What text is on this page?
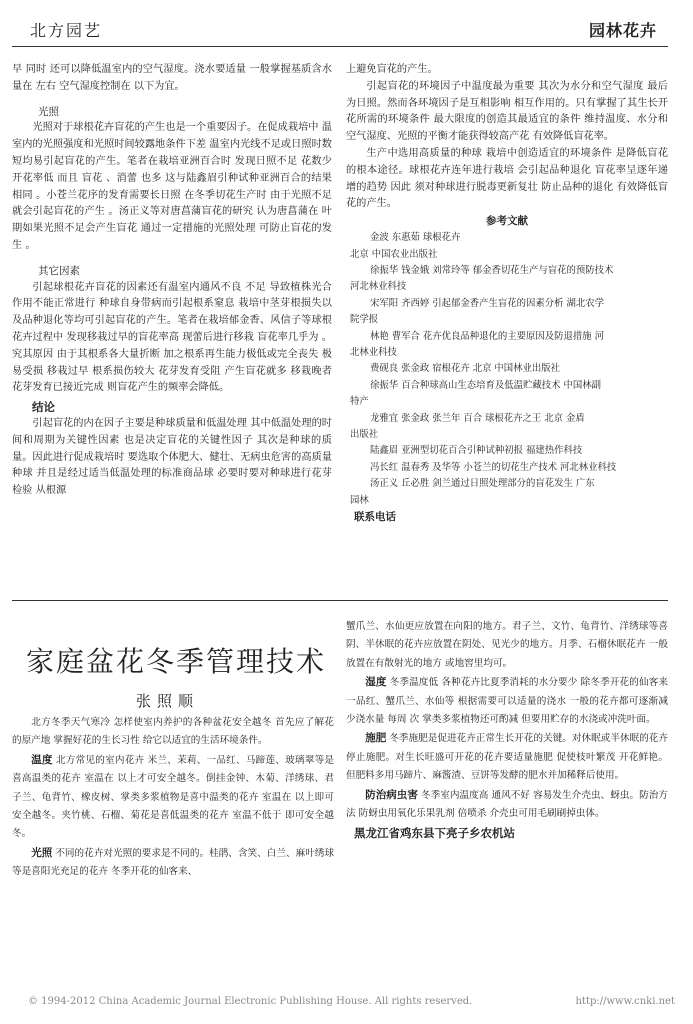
北方园艺	园林花卉

早 同时 还可以降低温室内的空气湿度。浇水要适量 一般掌握基质含水量在 左右 空气湿度控制在 以下为宜。

光照

光照对于球根花卉盲花的产生也是一个重要因子。在促成栽培中 温室内的光照强度和光照时间较露地条件下差 温室内光线不足或日照时数短均易引起盲花的产生。笔者在栽培亚洲百合时 发现日照不足 花数少 开花率低 而且 盲花 、消蕾 也多 这与陆鑫眉引种试种亚洲百合的结果相同 。小苍兰花序的发育需要长日照 在冬季切花生产时 由于光照不足就会引起盲花的产生 。汤正义等对唐菖蒲盲花的研究 认为唐菖蒲在 叶期如果光照不足会产生盲花 通过一定措施的光照处理 可防止盲花的发生 。

其它因素

引起球根花卉盲花的因素还有温室内通风不良 不足 导致植株光合作用不能正常进行 种球自身带病而引起根系窒息 栽培中茎芽根损失以及品种退化等均可引起盲花的产生。笔者在栽培郁金香、风信子等球根花卉过程中 发现移栽过早的盲花率高 现蕾后进行移栽 盲花率几乎为 。究其原因 由于其根系各大量折断 加之根系再生能力极低或完全丧失 极易受损 移栽过早 根系损伤较大 花芽发育受阻 产生盲花就多 移栽晚者 花芽发育已接近完成 则盲花产生的频率会降低。

结论

引起盲花的内在因子主要是种球质量和低温处理 其中低温处理的时间和周期为关键性因素 也是决定盲花的关键性因子 其次是种球的质量。因此进行促成栽培时 要选取个体肥大、健壮、无病虫危害的高质量种球 并且是经过适当低温处理的标准商品球 必要时要对种球进行花芽检验 从根源

上避免盲花的产生。

引起盲花的环境因子中温度最为重要 其次为水分和空气湿度 最后为日照。然而各环境因子是互相影响 相互作用的。只有掌握了其生长开花所需的环境条件 最大限度的创造其最适宜的条件 维持温度、水分和空气湿度、光照的平衡才能获得较高产花 有效降低盲花率。

生产中选用高质量的种球 栽培中创造适宜的环境条件 是降低盲花的根本途径。球根花卉连年进行栽培 会引起品种退化 盲花率呈逐年递增的趋势 因此 须对种球进行脱毒更新复壮 防止品种的退化 有效降低盲花的产生。

参考文献

金波 东惠茹 球根花卉
北京 中国农业出版社

徐振华 钱金娥 刘常玲等 郁金香切花生产与盲花的预防技术
河北林业科技

宋军阳 齐西婷 引起郁金香产生盲花的因素分析 湖北农学
院学报

林艳 曹军合 花卉优良品种退化的主要原因及防退措施 河
北林业科技

费砚良 张金政 宿根花卉 北京 中国林业出版社

徐振华 百合种球高山生态培育及低温贮藏技术 中国林副
特产

龙雅宜 张金政 张兰年 百合 球根花卉之王 北京 金盾
出版社

陆鑫眉 亚洲型切花百合引种试种初报 福建热作科技

冯长红 温春秀 及华等 小苍兰的切花生产技术 河北林业科技

汤正义 丘必胜 剑兰通过日照处理部分的盲花发生 广东
园林

联系电话

家庭盆花冬季管理技术
张照顺

北方冬季天气寒冷 怎样使室内养护的各种盆花安全越冬 首先应了解花的原产地 掌握好花的生长习性 给它以适宜的生活环境条件。

温度 北方常见的室内花卉 米兰、茉莉、一品红、马蹄莲、玻璃翠等是喜高温类的花卉 室温在 以上才可安全越冬。倒挂金钟、木菊、洋绣球、君子兰、龟背竹、橡皮树、掌类多浆植物是喜中温类的花卉 室温在 以上即可安全越冬。夹竹桃、石榴、菊花是喜低温类的花卉 室温不低于 即可安全越冬。

光照 不同的花卉对光照的要求是不同的。桂鹃、含笑、白兰、麻叶绣球等是喜阳光充足的花卉 冬季开花的仙客来、

蟹爪兰、水仙更应放置在向阳的地方。君子兰、文竹、龟背竹、洋绣球等喜阴、半休眠的花卉应放置在阴处、见光少的地方。月季、石榴休眠花卉 一般放置在有散射光的地方 或地窖里均可。

湿度 冬季温度低 各种花卉比夏季消耗的水分要少 除冬季开花的仙客来 一品红、蟹爪兰、水仙等 根据需要可以适量的浇水 一般的花卉都可逐渐减少浇水量 每周 次 掌类多浆植物还可酌减 但要用贮存的水浇或冲洗叶面。

施肥 冬季施肥是促进花卉正常生长开花的关键。对休眠或半休眠的花卉停止施肥。对生长旺盛可开花的花卉要适量施肥 促使枝叶繁茂 开花鲜艳。但肥料多用马蹄片、麻酱渣、豆饼等发酵的肥水并加稀释后使用。

防治病虫害 冬季室内温度高 通风不好 容易发生介壳虫、蚜虫。防治方法 防蚜虫用氧化乐果乳剂 倍喷杀 介壳虫可用毛刷刷掉虫体。

黑龙江省鸡东县下亮子乡农机站

© 1994-2012 China Academic Journal Electronic Publishing House. All rights reserved.	http://www.cnki.net
